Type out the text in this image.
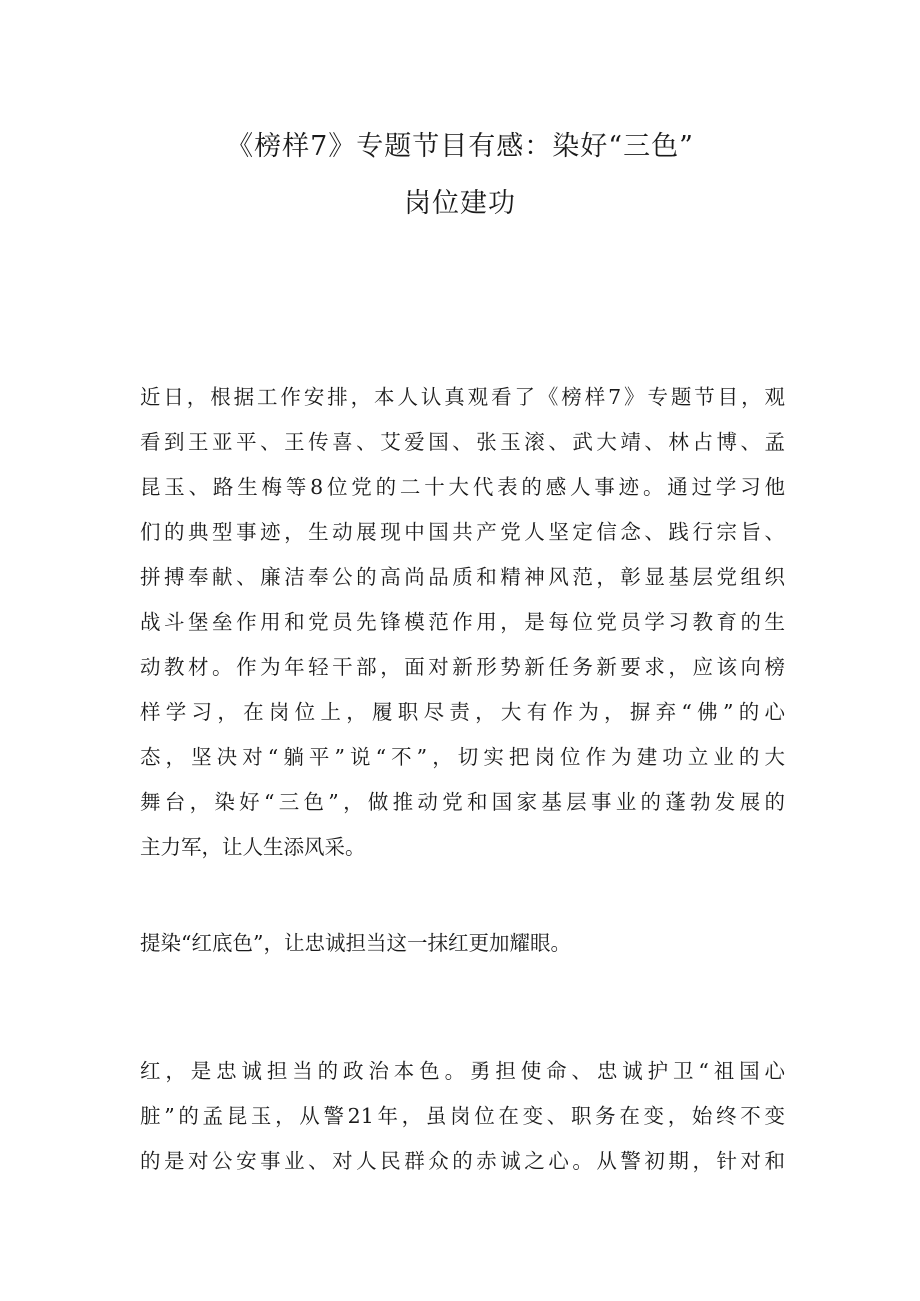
《榜样7》专题节目有感：染好“三色”
岗位建功
近日，根据工作安排，本人认真观看了《榜样7》专题节目，观
看到王亚平、王传喜、艾爱国、张玉滚、武大靖、林占博、孟
昆玉、路生梅等8位党的二十大代表的感人事迹。通过学习他
们的典型事迹，生动展现中国共产党人坚定信念、践行宗旨、
拼搏奉献、廉洁奉公的高尚品质和精神风范，彰显基层党组织
战斗堡垒作用和党员先锋模范作用，是每位党员学习教育的生
动教材。作为年轻干部，面对新形势新任务新要求，应该向榜
样学习，在岗位上，履职尽责，大有作为，摒弃“佛”的心
态，坚决对“躺平”说“不”，切实把岗位作为建功立业的大
舞台，染好“三色”，做推动党和国家基层事业的蓬勃发展的
主力军，让人生添风采。
提染“红底色”，让忠诚担当这一抹红更加耀眼。
红，是忠诚担当的政治本色。勇担使命、忠诚护卫“祖国心
脏”的孟昆玉，从警21年，虽岗位在变、职务在变，始终不变
的是对公安事业、对人民群众的赤诚之心。从警初期，针对和
